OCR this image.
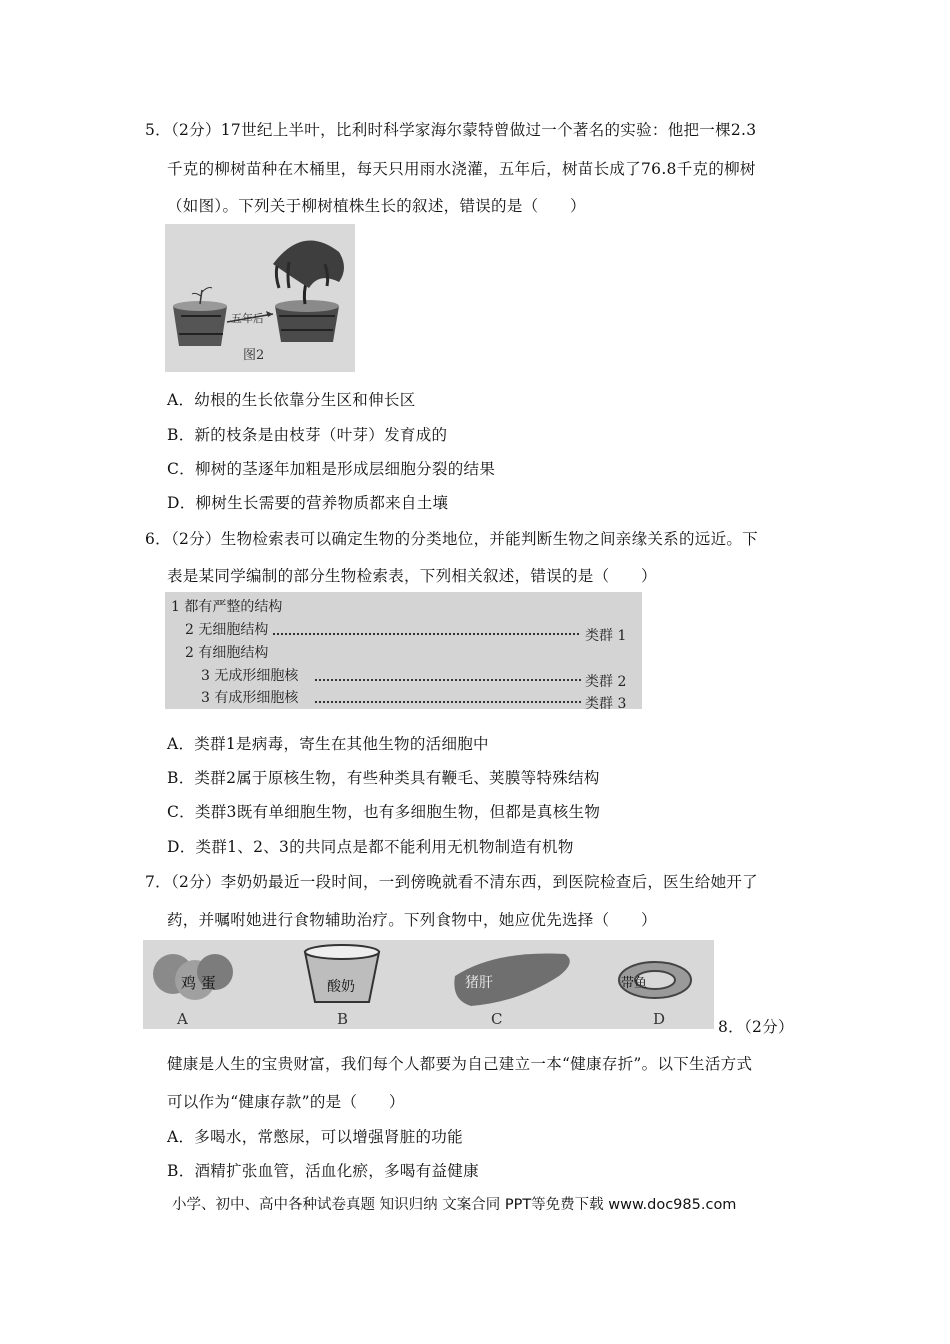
5．（2分）17世纪上半叶，比利时科学家海尔蒙特曾做过一个著名的实验：他把一棵2.3
千克的柳树苗种在木桶里，每天只用雨水浇灌，五年后，树苗长成了76.8千克的柳树
（如图）。下列关于柳树植株生长的叙述，错误的是（　　）
五年后
图2
A．幼根的生长依靠分生区和伸长区
B．新的枝条是由枝芽（叶芽）发育成的
C．柳树的茎逐年加粗是形成层细胞分裂的结果
D．柳树生长需要的营养物质都来自土壤
6．（2分）生物检索表可以确定生物的分类地位，并能判断生物之间亲缘关系的远近。下
表是某同学编制的部分生物检索表，下列相关叙述，错误的是（　　）
1 都有严整的结构
2 无细胞结构	类群 1
2 有细胞结构
3 无成形细胞核	类群 2
3 有成形细胞核	类群 3
A．类群1是病毒，寄生在其他生物的活细胞中
B．类群2属于原核生物，有些种类具有鞭毛、荚膜等特殊结构
C．类群3既有单细胞生物，也有多细胞生物，但都是真核生物
D．类群1、2、3的共同点是都不能利用无机物制造有机物
7．（2分）李奶奶最近一段时间，一到傍晚就看不清东西，到医院检查后，医生给她开了
药，并嘱咐她进行食物辅助治疗。下列食物中，她应优先选择（　　）
鸡 蛋
A
酸奶
B
猪肝
C
带鱼
D	8．（2分）
健康是人生的宝贵财富，我们每个人都要为自己建立一本“健康存折”。以下生活方式
可以作为“健康存款”的是（　　）
A．多喝水，常憋尿，可以增强肾脏的功能
B．酒精扩张血管，活血化瘀，多喝有益健康
小学、初中、高中各种试卷真题 知识归纳 文案合同 PPT等免费下载 www.doc985.com
